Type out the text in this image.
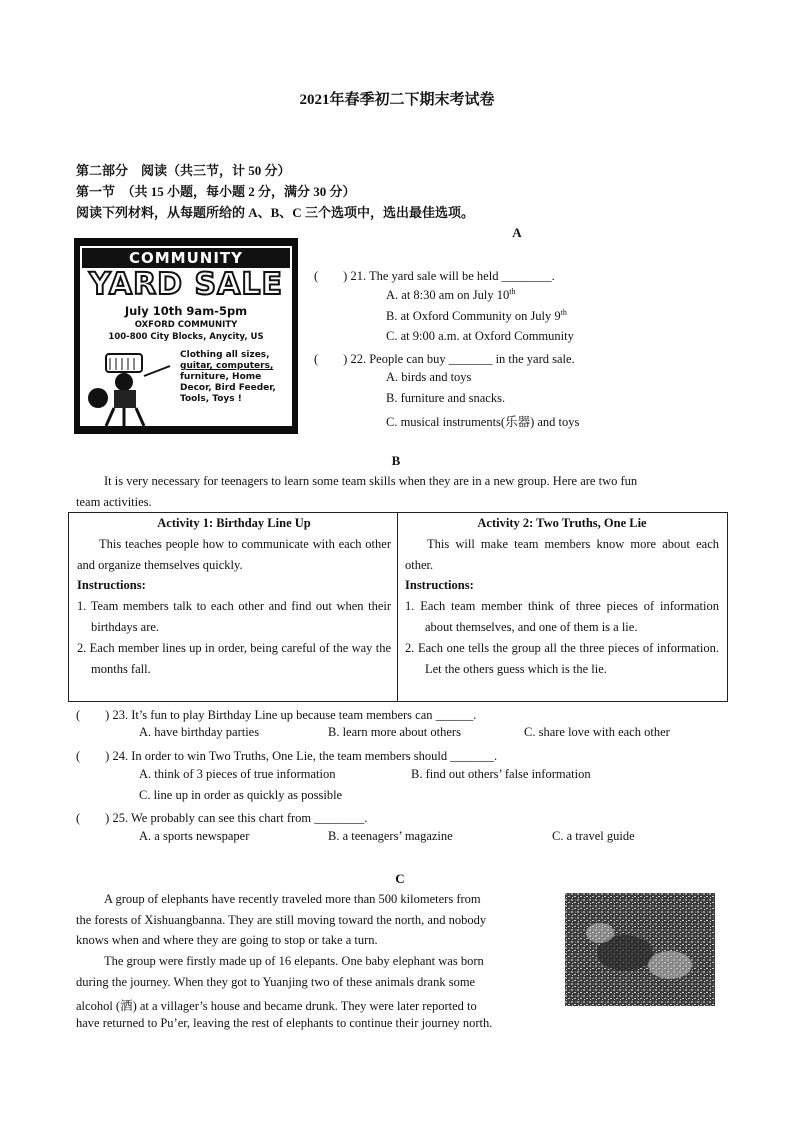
2021年春季初二下期末考试卷
第二部分　阅读（共三节，计 50 分）
第一节　（共 15 小题，每小题 2 分，满分 30 分）
阅读下列材料，从每题所给的 A、B、C 三个选项中，选出最佳选项。
A
COMMUNITY
YARD SALE
July 10th 9am-5pm
OXFORD COMMUNITY
100-800 City Blocks, Anycity, US
Clothing all sizes,
guitar, computers,
furniture, Home
Decor, Bird Feeder,
Tools, Toys !
(　　) 21. The yard sale will be held ________.
A. at 8:30 am on July 10th
B. at Oxford Community on July 9th
C. at 9:00 a.m. at Oxford Community
(　　) 22. People can buy _______ in the yard sale.
A. birds and toys
B. furniture and snacks.
C. musical instruments(乐器) and toys
B
It is very necessary for teenagers to learn some team skills when they are in a new group. Here are two fun
team activities.
Activity 1: Birthday Line Up
This teaches people how to communicate with each other and organize themselves quickly.
Instructions:
1. Team members talk to each other and find out when their birthdays are.
2. Each member lines up in order, being careful of the way the months fall.
Activity 2: Two Truths, One Lie
This will make team members know more about each other.
Instructions:
1. Each team member think of three pieces of information about themselves, and one of them is a lie.
2. Each one tells the group all the three pieces of information. Let the others guess which is the lie.
(　　) 23. It’s fun to play Birthday Line up because team members can ______.
A. have birthday parties	B. learn more about others	C. share love with each other
(　　) 24. In order to win Two Truths, One Lie, the team members should _______.
A. think of 3 pieces of true information	B. find out others’ false information
C. line up in order as quickly as possible
(　　) 25. We probably can see this chart from ________.
A. a sports newspaper	B. a teenagers’ magazine	C. a travel guide
C
A group of elephants have recently traveled more than 500 kilometers from
the forests of Xishuangbanna. They are still moving toward the north, and nobody
knows when and where they are going to stop or take a turn.
The group were firstly made up of 16 elepants. One baby elephant was born
during the journey. When they got to Yuanjing two of these animals drank some
alcohol (酒) at a villager’s house and became drunk. They were later reported to
have returned to Pu’er, leaving the rest of elephants to continue their journey north.
